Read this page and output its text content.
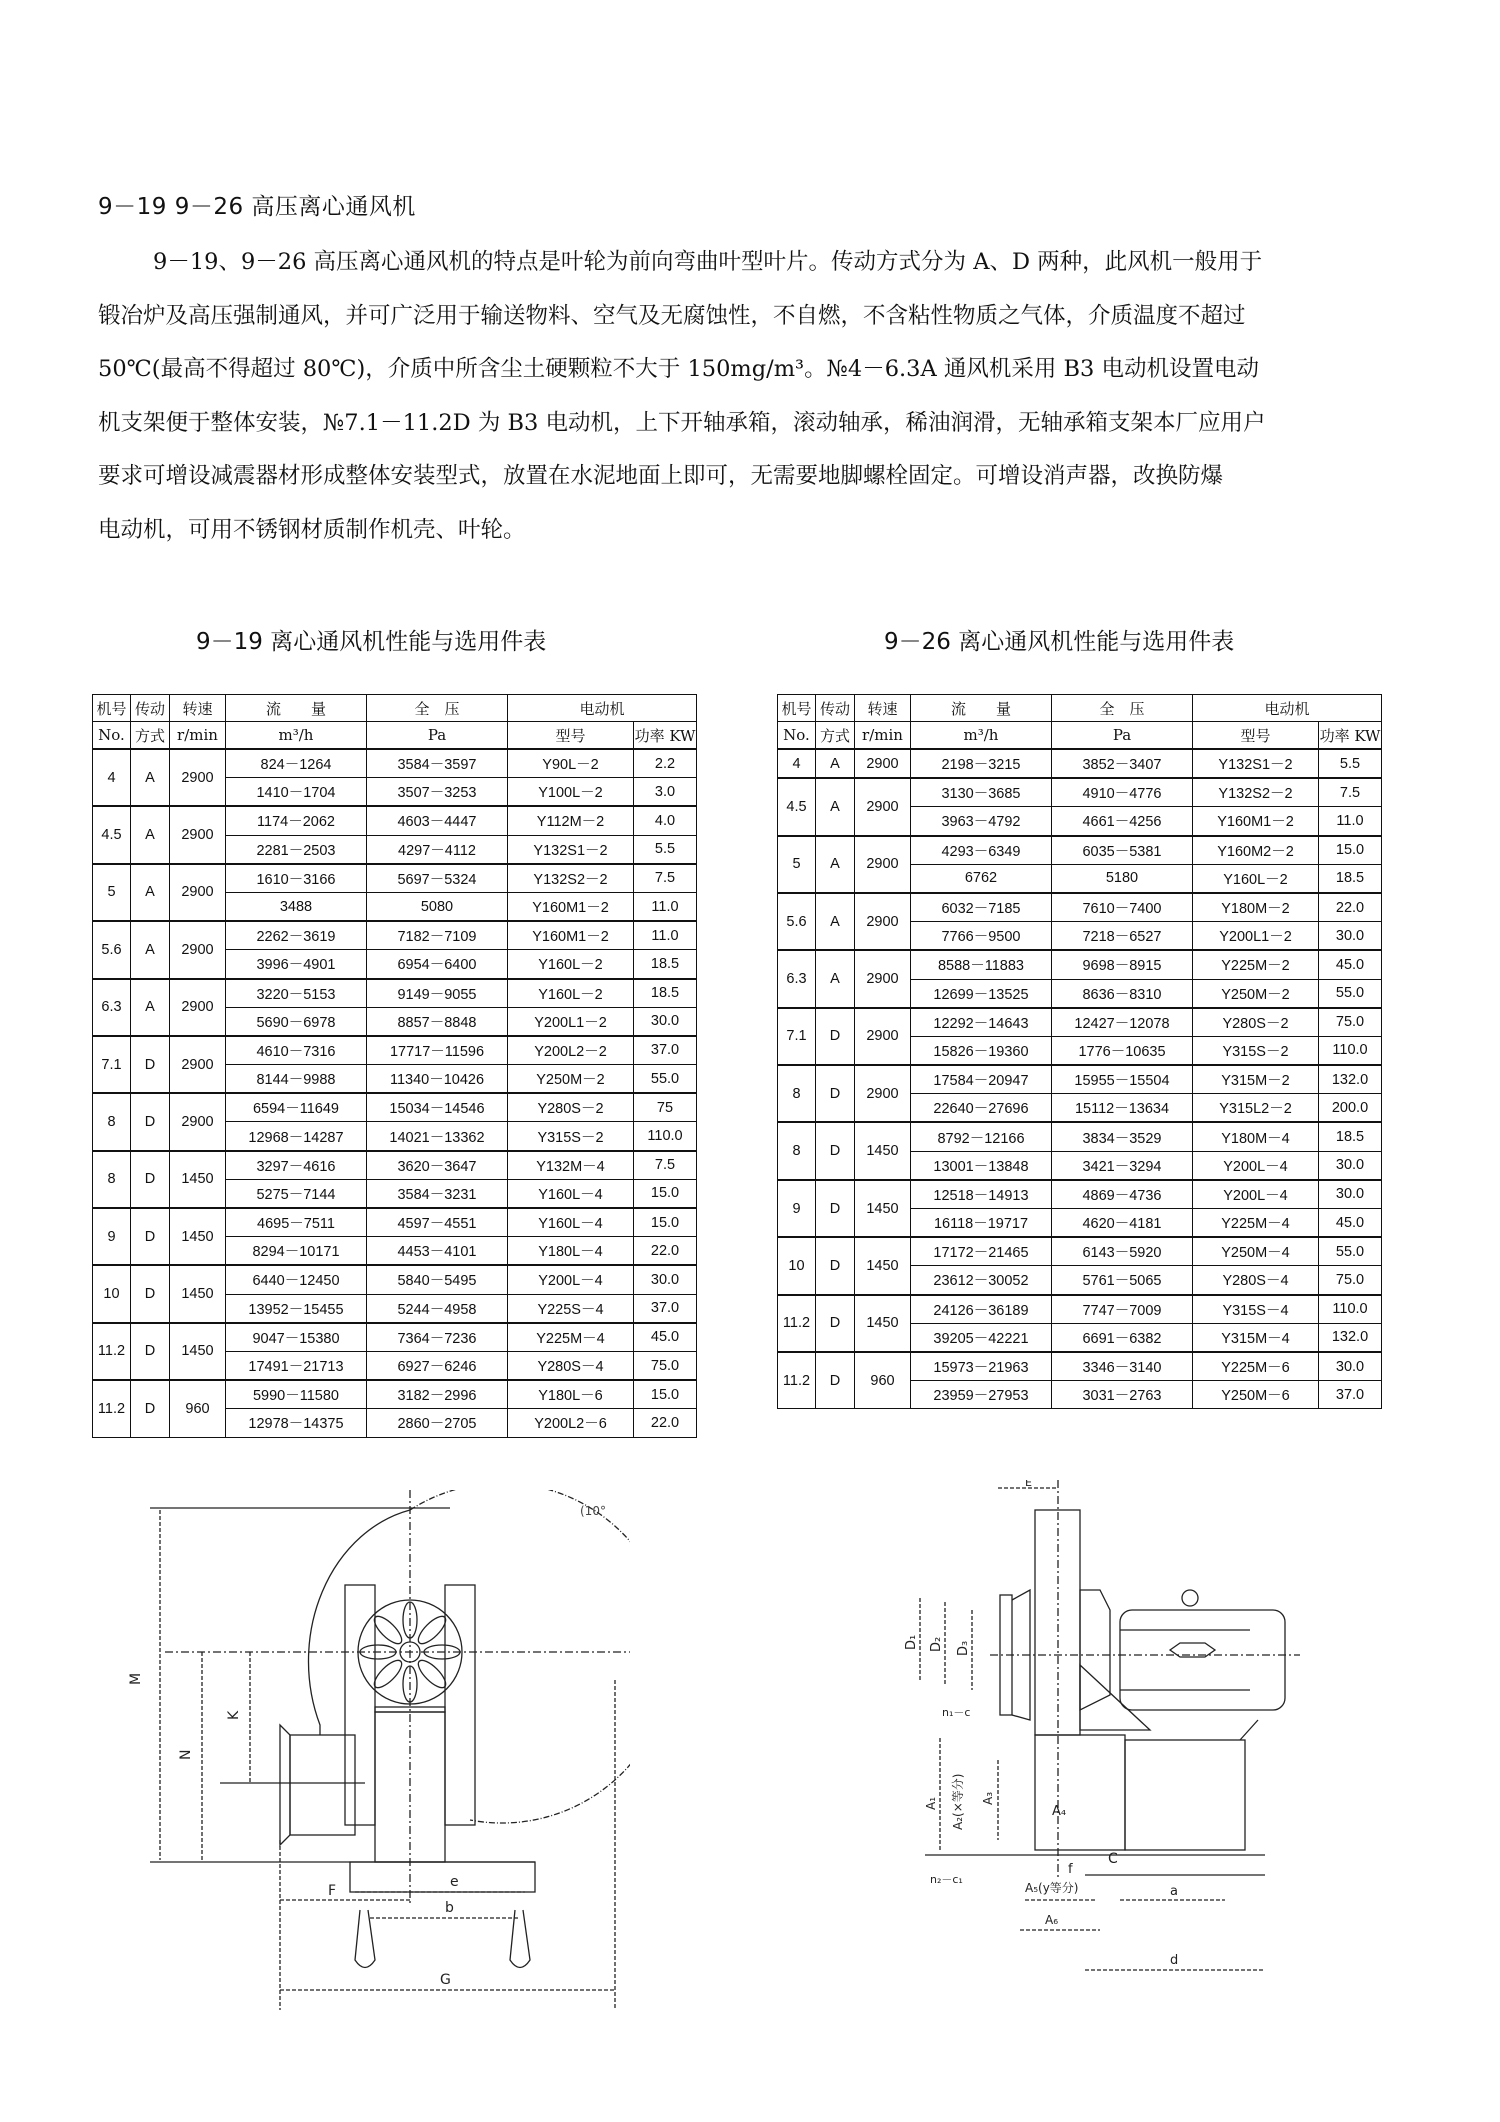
9－19 9－26 高压离心通风机
9－19、9－26 高压离心通风机的特点是叶轮为前向弯曲叶型叶片。传动方式分为 A、D 两种，此风机一般用于
锻冶炉及高压强制通风，并可广泛用于输送物料、空气及无腐蚀性，不自燃，不含粘性物质之气体，介质温度不超过
50℃(最高不得超过 80℃)，介质中所含尘土硬颗粒不大于 150mg/m³。№4－6.3A 通风机采用 B3 电动机设置电动
机支架便于整体安装，№7.1－11.2D 为 B3 电动机，上下开轴承箱，滚动轴承，稀油润滑，无轴承箱支架本厂应用户
要求可增设减震器材形成整体安装型式，放置在水泥地面上即可，无需要地脚螺栓固定。可增设消声器，改换防爆
电动机，可用不锈钢材质制作机壳、叶轮。
9－19 离心通风机性能与选用件表	9－26 离心通风机性能与选用件表
机号	传动	转速	流　　量	全　压	电动机	
No.	方式	r/min	m³/h	Pa	型号	功率 KW
4	A	2900	824－1264	3584－3597	Y90L－2	2.2
			1410－1704	3507－3253	Y100L－2	3.0
4.5	A	2900	1174－2062	4603－4447	Y112M－2	4.0
			2281－2503	4297－4112	Y132S1－2	5.5
5	A	2900	1610－3166	5697－5324	Y132S2－2	7.5
			3488	5080	Y160M1－2	11.0
5.6	A	2900	2262－3619	7182－7109	Y160M1－2	11.0
			3996－4901	6954－6400	Y160L－2	18.5
6.3	A	2900	3220－5153	9149－9055	Y160L－2	18.5
			5690－6978	8857－8848	Y200L1－2	30.0
7.1	D	2900	4610－7316	17717－11596	Y200L2－2	37.0
			8144－9988	11340－10426	Y250M－2	55.0
8	D	2900	6594－11649	15034－14546	Y280S－2	75
			12968－14287	14021－13362	Y315S－2	110.0
8	D	1450	3297－4616	3620－3647	Y132M－4	7.5
			5275－7144	3584－3231	Y160L－4	15.0
9	D	1450	4695－7511	4597－4551	Y160L－4	15.0
			8294－10171	4453－4101	Y180L－4	22.0
10	D	1450	6440－12450	5840－5495	Y200L－4	30.0
			13952－15455	5244－4958	Y225S－4	37.0
11.2	D	1450	9047－15380	7364－7236	Y225M－4	45.0
			17491－21713	6927－6246	Y280S－4	75.0
11.2	D	960	5990－11580	3182－2996	Y180L－6	15.0
			12978－14375	2860－2705	Y200L2－6	22.0
机号	传动	转速	流　　量	全　压	电动机	
No.	方式	r/min	m³/h	Pa	型号	功率 KW
4	A	2900	2198－3215	3852－3407	Y132S1－2	5.5
4.5	A	2900	3130－3685	4910－4776	Y132S2－2	7.5
			3963－4792	4661－4256	Y160M1－2	11.0
5	A	2900	4293－6349	6035－5381	Y160M2－2	15.0
			6762	5180	Y160L－2	18.5
5.6	A	2900	6032－7185	7610－7400	Y180M－2	22.0
			7766－9500	7218－6527	Y200L1－2	30.0
6.3	A	2900	8588－11883	9698－8915	Y225M－2	45.0
			12699－13525	8636－8310	Y250M－2	55.0
7.1	D	2900	12292－14643	12427－12078	Y280S－2	75.0
			15826－19360	1776－10635	Y315S－2	110.0
8	D	2900	17584－20947	15955－15504	Y315M－2	132.0
			22640－27696	15112－13634	Y315L2－2	200.0
8	D	1450	8792－12166	3834－3529	Y180M－4	18.5
			13001－13848	3421－3294	Y200L－4	30.0
9	D	1450	12518－14913	4869－4736	Y200L－4	30.0
			16118－19717	4620－4181	Y225M－4	45.0
10	D	1450	17172－21465	6143－5920	Y250M－4	55.0
			23612－30052	5761－5065	Y280S－4	75.0
11.2	D	1450	24126－36189	7747－7009	Y315S－4	110.0
			39205－42221	6691－6382	Y315M－4	132.0
11.2	D	960	15973－21963	3346－3140	Y225M－6	30.0
			23959－27953	3031－2763	Y250M－6	37.0
M
N
K
F
e
b
G
(10°
E
D₁ D₂ D₃
n₁－c
n₂－c₁
A₁ A₂(×等分) A₃
A₄
A₅(y等分)
A₆
f
C
a
d
